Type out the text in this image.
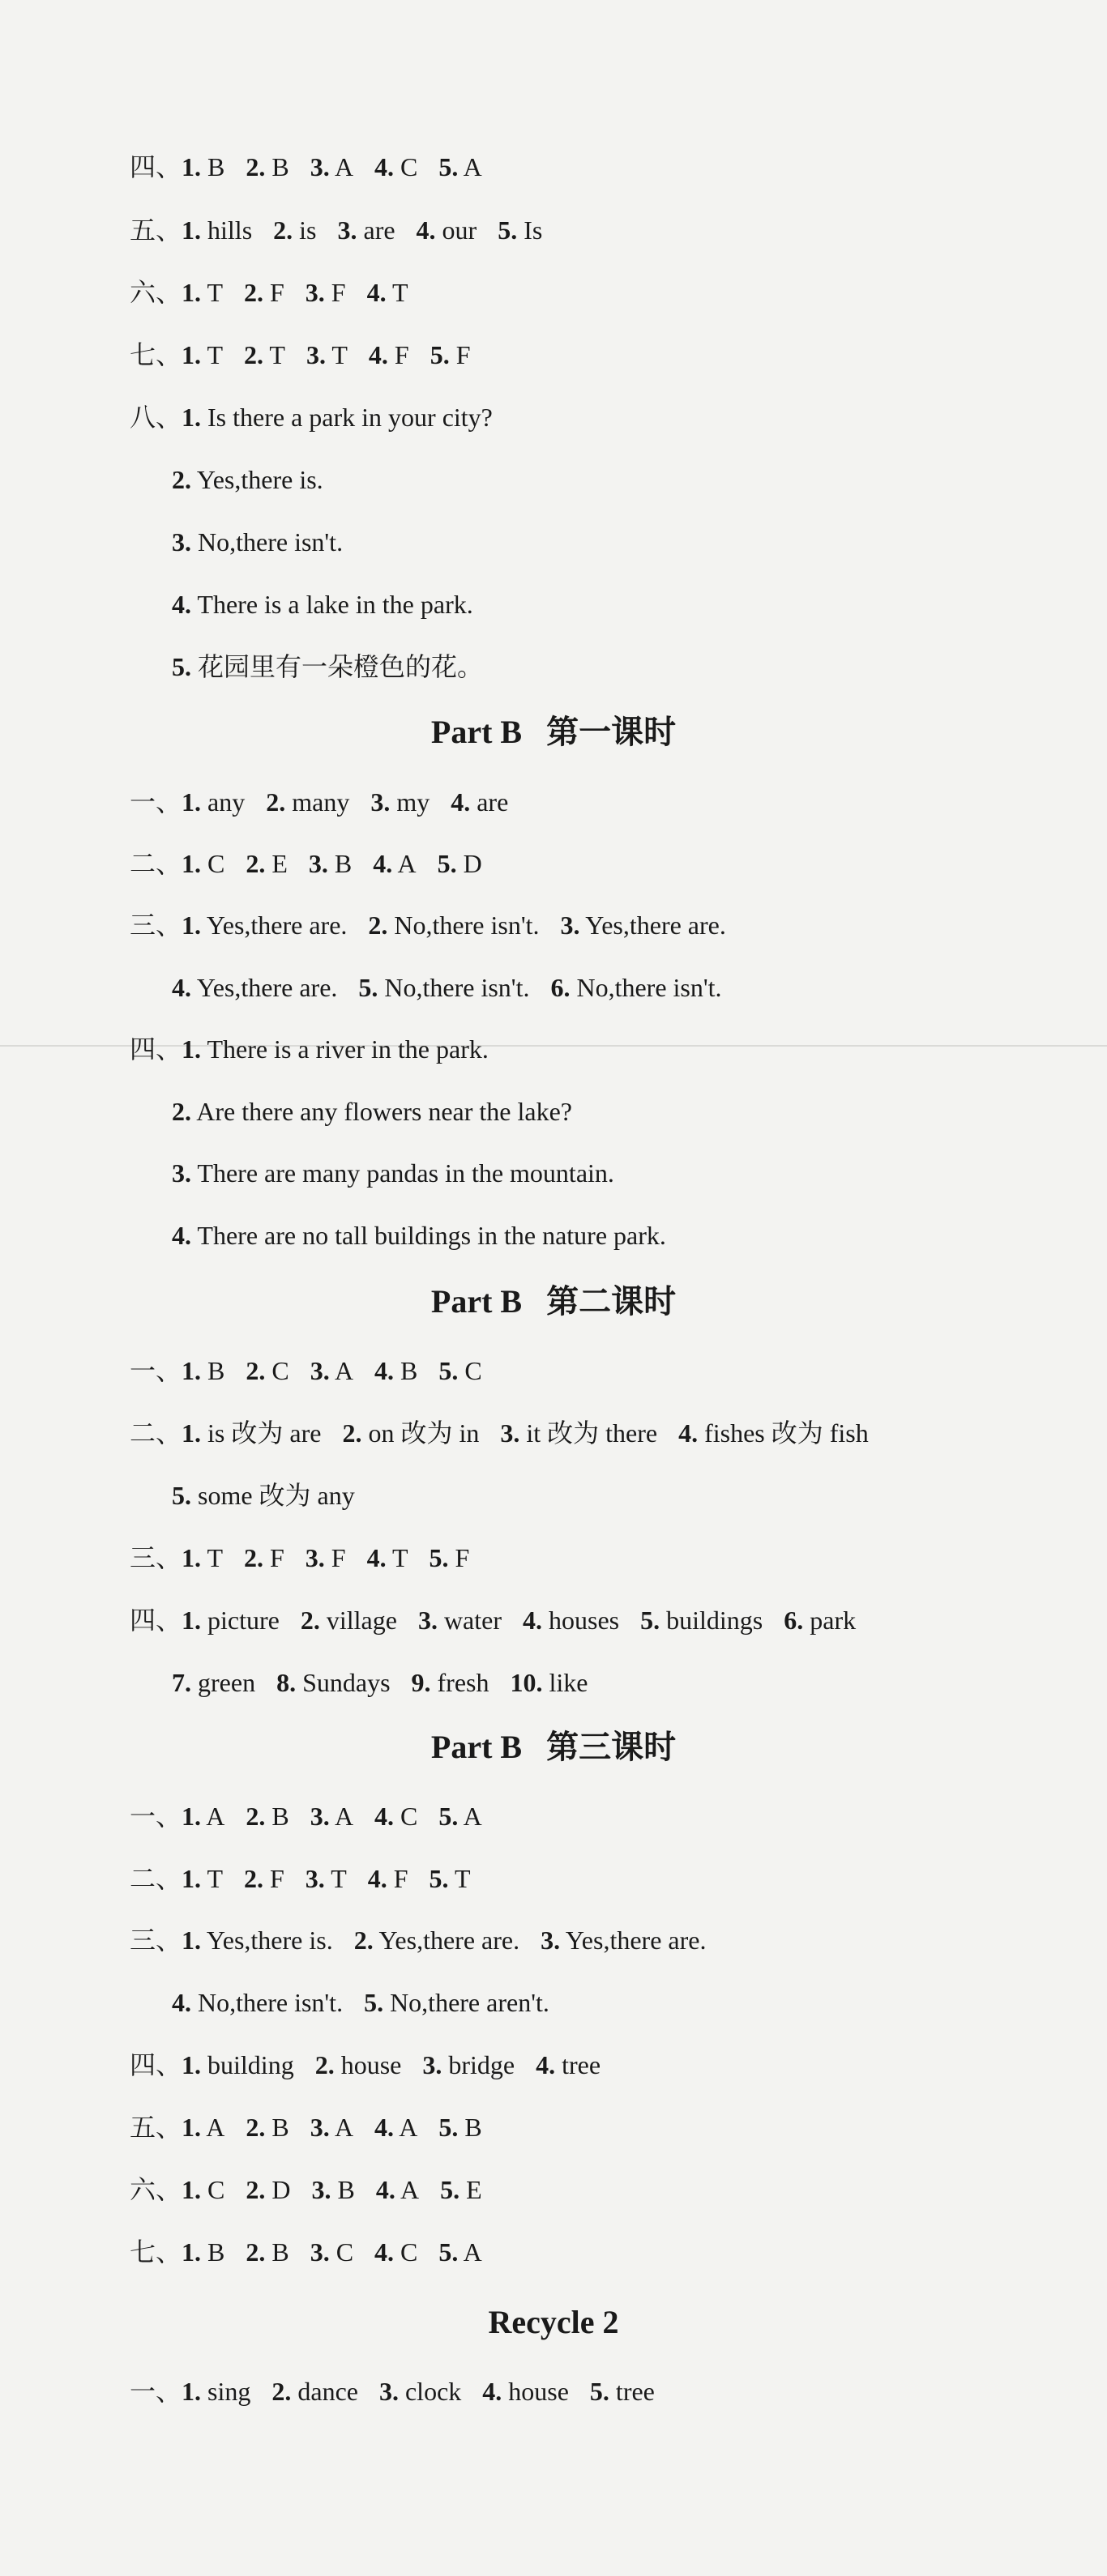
四、1. B 2. B 3. A 4. C 5. A
五、1. hills 2. is 3. are 4. our 5. Is
六、1. T 2. F 3. F 4. T
七、1. T 2. T 3. T 4. F 5. F
八、1. Is there a park in your city?
2. Yes,there is.
3. No,there isn't.
4. There is a lake in the park.
5. 花园里有一朵橙色的花。
Part B 第一课时
一、1. any 2. many 3. my 4. are
二、1. C 2. E 3. B 4. A 5. D
三、1. Yes,there are. 2. No,there isn't. 3. Yes,there are.
4. Yes,there are. 5. No,there isn't. 6. No,there isn't.
四、1. There is a river in the park.
2. Are there any flowers near the lake?
3. There are many pandas in the mountain.
4. There are no tall buildings in the nature park.
Part B 第二课时
一、1. B 2. C 3. A 4. B 5. C
二、1. is 改为 are 2. on 改为 in 3. it 改为 there 4. fishes 改为 fish
5. some 改为 any
三、1. T 2. F 3. F 4. T 5. F
四、1. picture 2. village 3. water 4. houses 5. buildings 6. park
7. green 8. Sundays 9. fresh 10. like
Part B 第三课时
一、1. A 2. B 3. A 4. C 5. A
二、1. T 2. F 3. T 4. F 5. T
三、1. Yes,there is. 2. Yes,there are. 3. Yes,there are.
4. No,there isn't. 5. No,there aren't.
四、1. building 2. house 3. bridge 4. tree
五、1. A 2. B 3. A 4. A 5. B
六、1. C 2. D 3. B 4. A 5. E
七、1. B 2. B 3. C 4. C 5. A
Recycle 2
一、1. sing 2. dance 3. clock 4. house 5. tree
